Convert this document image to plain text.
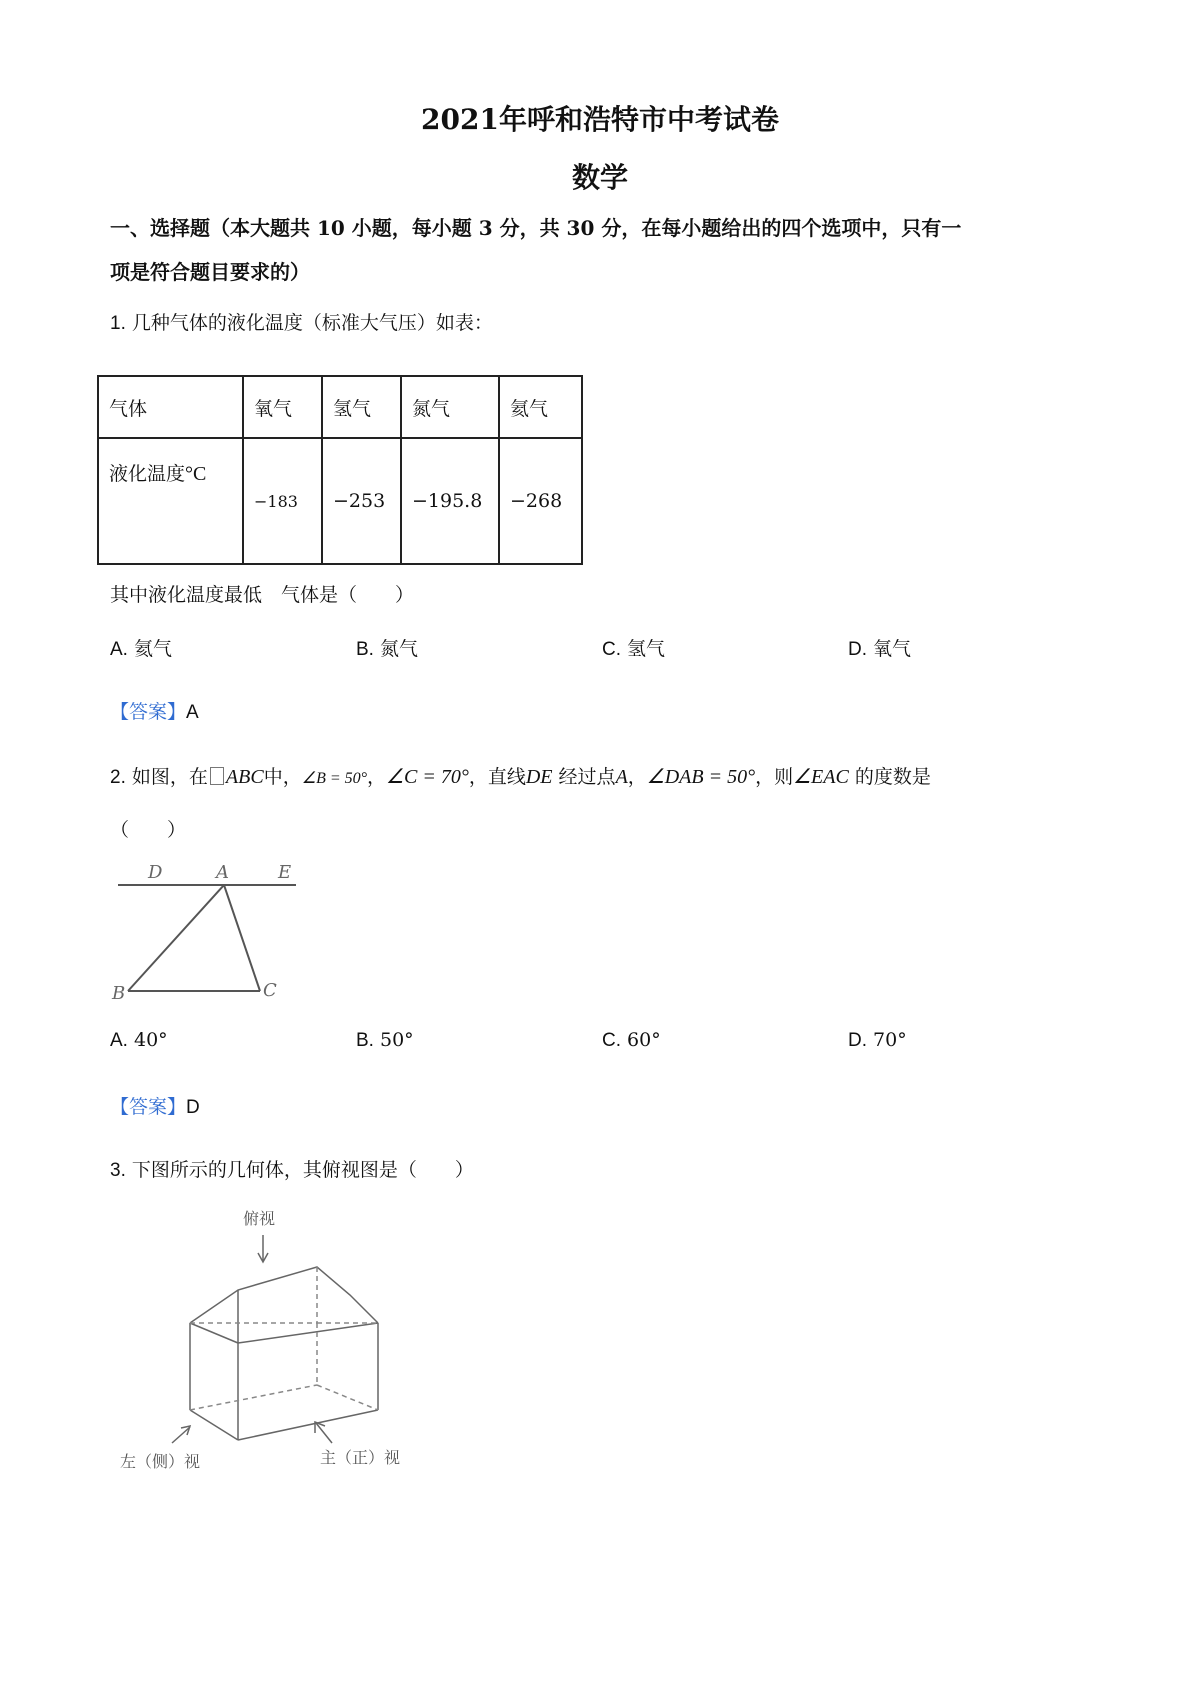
2021年呼和浩特市中考试卷
数学
一、选择题（本大题共 10 小题，每小题 3 分，共 30 分，在每小题给出的四个选项中，只有一
项是符合题目要求的）
1. 几种气体的液化温度（标准大气压）如表：
气体	氧气	氢气	氮气	氦气
液化温度°C	−183	−253	−195.8	−268
其中液化温度最低　气体是（　　）
A. 氦气	B. 氮气	C. 氢气	D. 氧气
【答案】A
2. 如图，在 ABC中，∠B = 50°，∠C = 70°，直线DE 经过点A，∠DAB = 50°，则∠EAC 的度数是
（　　）
D	A	E
B	C
A. 40°	B. 50°	C. 60°	D. 70°
【答案】D
3. 下图所示的几何体，其俯视图是（　　）
俯视
左（侧）视	主（正）视
